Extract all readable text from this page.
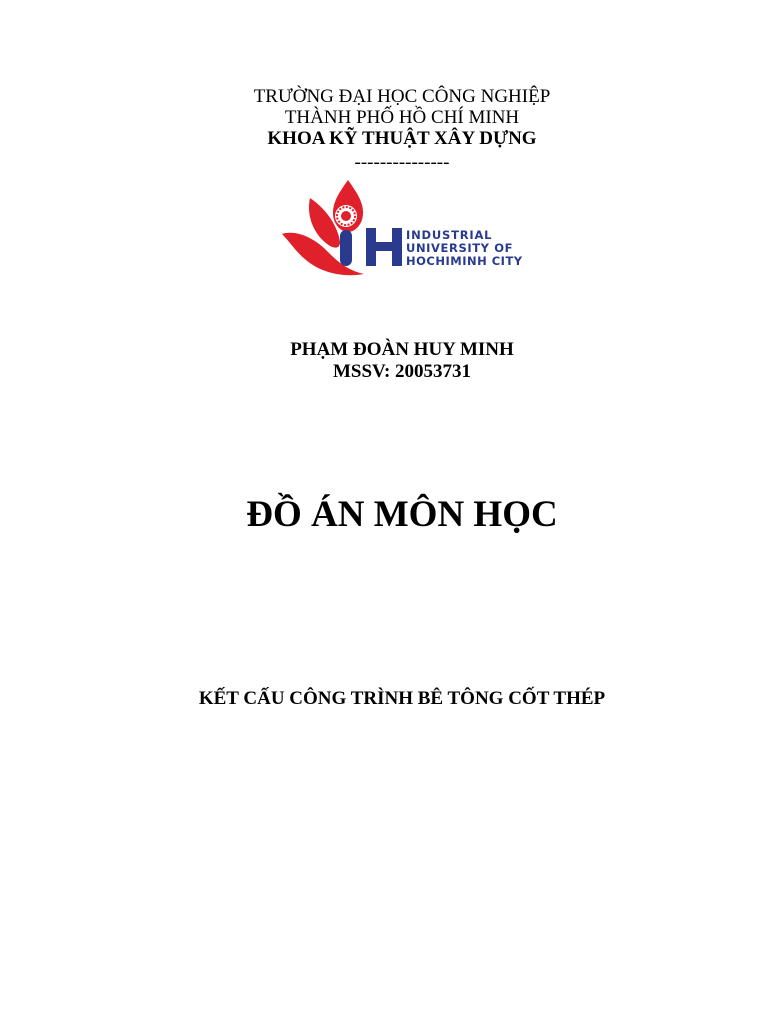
TRƯỜNG ĐẠI HỌC CÔNG NGHIỆP
THÀNH PHỐ HỒ CHÍ MINH
KHOA KỸ THUẬT XÂY DỰNG
---------------
INDUSTRIAL
UNIVERSITY OF
HOCHIMINH CITY
PHẠM ĐOÀN HUY MINH
MSSV: 20053731
ĐỒ ÁN MÔN HỌC
KẾT CẤU CÔNG TRÌNH BÊ TÔNG CỐT THÉP
